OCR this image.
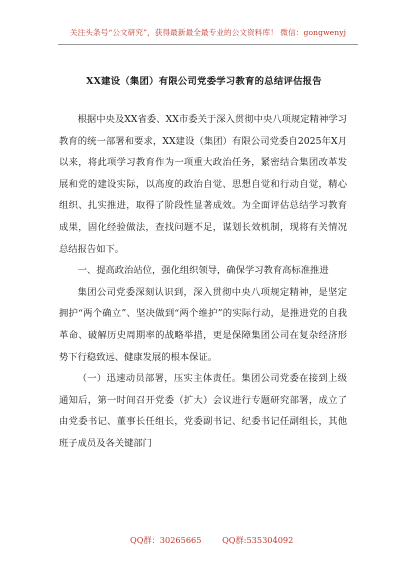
关注头条号“公文研究”，获得最新最全最专业的公文资料库！ 微信：gongwenyj
XX建设（集团）有限公司党委学习教育的总结评估报告

根据中央及XX省委、XX市委关于深入贯彻中央八项规定精神学习教育的统一部署和要求，XX建设（集团）有限公司党委自2025年X月以来，将此项学习教育作为一项重大政治任务，紧密结合集团改革发展和党的建设实际，以高度的政治自觉、思想自觉和行动自觉，精心组织、扎实推进，取得了阶段性显著成效。为全面评估总结学习教育成果，固化经验做法，查找问题不足，谋划长效机制，现将有关情况总结报告如下。

一、提高政治站位，强化组织领导，确保学习教育高标准推进

集团公司党委深刻认识到，深入贯彻中央八项规定精神，是坚定拥护“两个确立”、坚决做到“两个维护”的实际行动，是推进党的自我革命、破解历史周期率的战略举措，更是保障集团公司在复杂经济形势下行稳致远、健康发展的根本保证。

（一）迅速动员部署，压实主体责任。集团公司党委在接到上级通知后，第一时间召开党委（扩大）会议进行专题研究部署，成立了由党委书记、董事长任组长，党委副书记、纪委书记任副组长，其他班子成员及各关键部门

QQ群：30265665	QQ群:535304092
